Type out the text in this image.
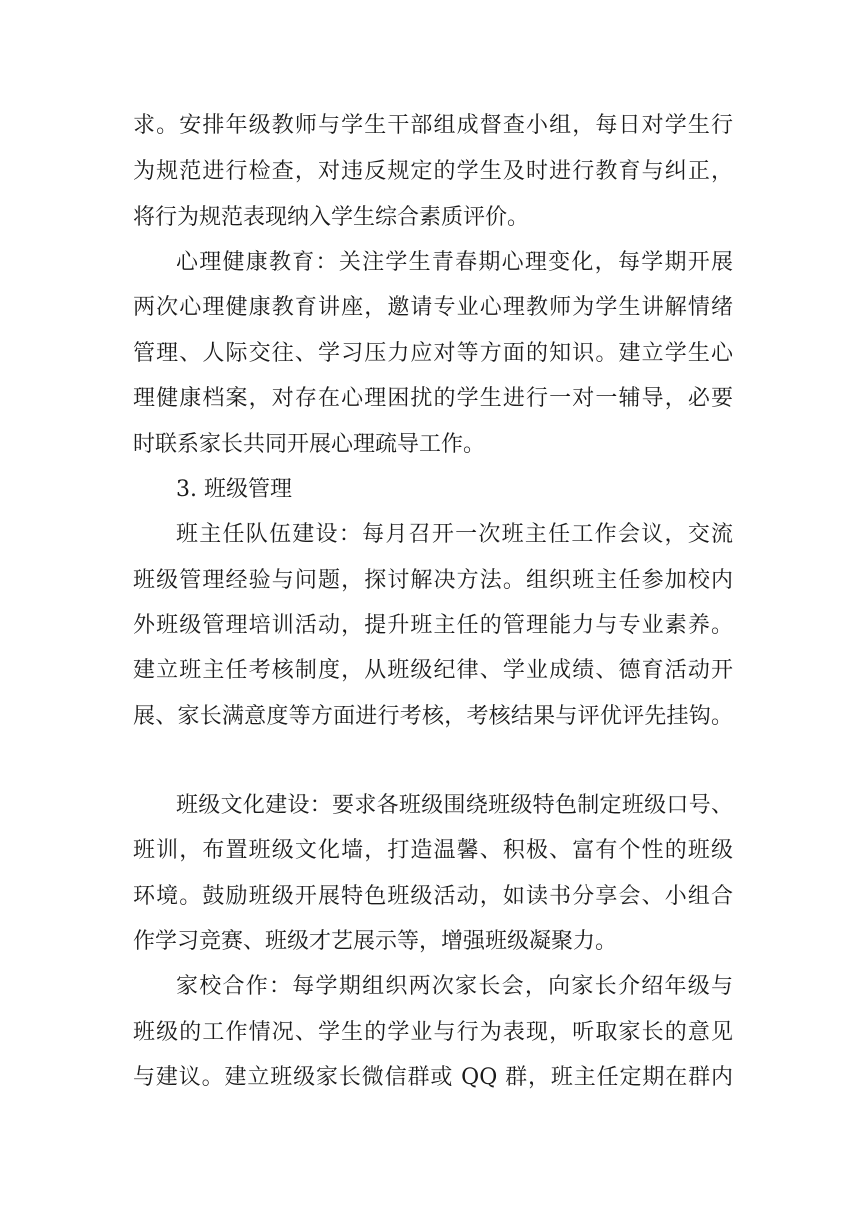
求。安排年级教师与学生干部组成督查小组，每日对学生行
为规范进行检查，对违反规定的学生及时进行教育与纠正，
将行为规范表现纳入学生综合素质评价。
心理健康教育：关注学生青春期心理变化，每学期开展
两次心理健康教育讲座，邀请专业心理教师为学生讲解情绪
管理、人际交往、学习压力应对等方面的知识。建立学生心
理健康档案，对存在心理困扰的学生进行一对一辅导，必要
时联系家长共同开展心理疏导工作。
3. 班级管理
班主任队伍建设：每月召开一次班主任工作会议，交流
班级管理经验与问题，探讨解决方法。组织班主任参加校内
外班级管理培训活动，提升班主任的管理能力与专业素养。
建立班主任考核制度，从班级纪律、学业成绩、德育活动开
展、家长满意度等方面进行考核，考核结果与评优评先挂钩。
班级文化建设：要求各班级围绕班级特色制定班级口号、
班训，布置班级文化墙，打造温馨、积极、富有个性的班级
环境。鼓励班级开展特色班级活动，如读书分享会、小组合
作学习竞赛、班级才艺展示等，增强班级凝聚力。
家校合作：每学期组织两次家长会，向家长介绍年级与
班级的工作情况、学生的学业与行为表现，听取家长的意见
与建议。建立班级家长微信群或 QQ 群，班主任定期在群内
